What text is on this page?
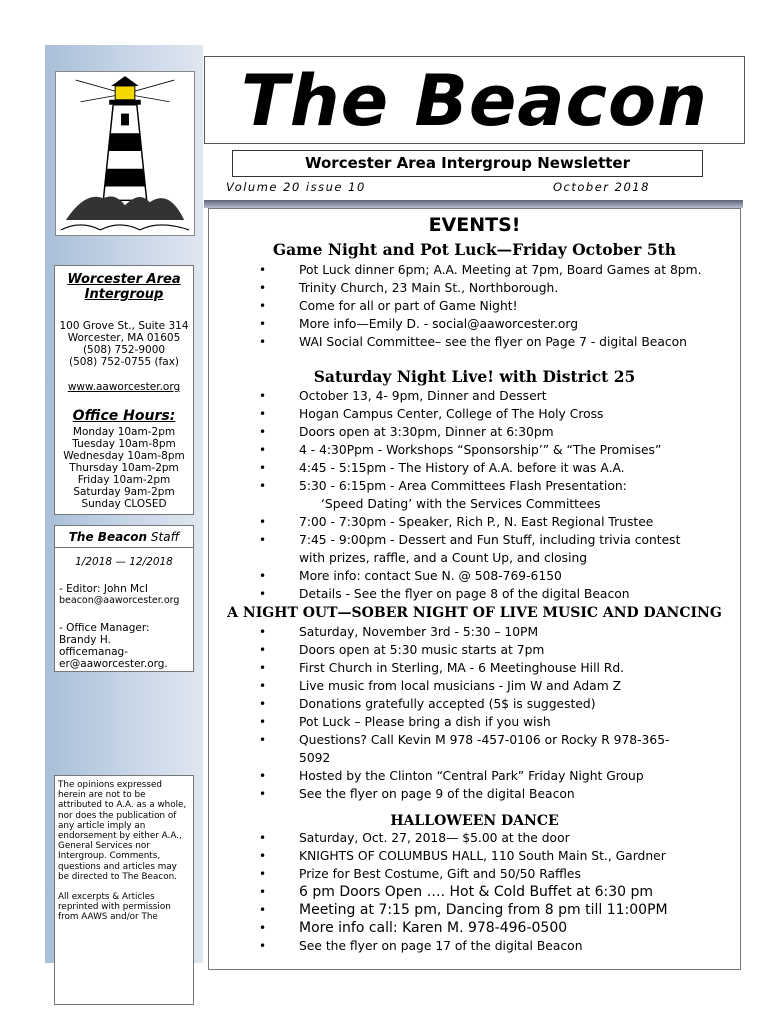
Worcester Area
Intergroup
100 Grove St., Suite 314
Worcester, MA 01605
(508) 752-9000
(508) 752-0755 (fax)
www.aaworcester.org
Office Hours:
Monday 10am-2pm
Tuesday 10am-8pm
Wednesday 10am-8pm
Thursday 10am-2pm
Friday 10am-2pm
Saturday 9am-2pm
Sunday CLOSED
The Beacon Staff
1/2018 — 12/2018
- Editor: John McI
beacon@aaworcester.org
- Office Manager:
Brandy H.
officemanag-
er@aaworcester.org.

The opinions expressed herein are not to be attributed to A.A. as a whole, nor does the publication of any article imply an endorsement by either A.A., General Services nor Intergroup. Comments, questions and articles may be directed to The Beacon.

All excerpts & Articles reprinted with permission from AAWS and/or The

The Beacon
Worcester Area Intergroup Newsletter
Volume 20 issue 10	October 2018
EVENTS!
Game Night and Pot Luck—Friday October 5th
• Pot Luck dinner 6pm; A.A. Meeting at 7pm, Board Games at 8pm.
• Trinity Church, 23 Main St., Northborough.
• Come for all or part of Game Night!
• More info—Emily D. - social@aaworcester.org
• WAI Social Committee– see the flyer on Page 7 - digital Beacon
Saturday Night Live! with District 25
• October 13, 4- 9pm, Dinner and Dessert
• Hogan Campus Center, College of The Holy Cross
• Doors open at 3:30pm, Dinner at 6:30pm
• 4 - 4:30Ppm - Workshops “Sponsorship’” & “The Promises”
• 4:45 - 5:15pm - The History of A.A. before it was A.A.
• 5:30 - 6:15pm - Area Committees Flash Presentation:
‘Speed Dating’ with the Services Committees
• 7:00 - 7:30pm - Speaker, Rich P., N. East Regional Trustee
• 7:45 - 9:00pm - Dessert and Fun Stuff, including trivia contest
with prizes, raffle, and a Count Up, and closing
• More info: contact Sue N. @ 508-769-6150
• Details - See the flyer on page 8 of the digital Beacon
A NIGHT OUT—SOBER NIGHT OF LIVE MUSIC AND DANCING
• Saturday, November 3rd - 5:30 – 10PM
• Doors open at 5:30 music starts at 7pm
• First Church in Sterling, MA - 6 Meetinghouse Hill Rd.
• Live music from local musicians - Jim W and Adam Z
• Donations gratefully accepted (5$ is suggested)
• Pot Luck – Please bring a dish if you wish
• Questions? Call Kevin M 978 -457-0106 or Rocky R 978-365-
5092
• Hosted by the Clinton “Central Park” Friday Night Group
• See the flyer on page 9 of the digital Beacon
HALLOWEEN DANCE
• Saturday, Oct. 27, 2018— $5.00 at the door
• KNIGHTS OF COLUMBUS HALL, 110 South Main St., Gardner
• Prize for Best Costume, Gift and 50/50 Raffles
• 6 pm Doors Open …. Hot & Cold Buffet at 6:30 pm
• Meeting at 7:15 pm, Dancing from 8 pm till 11:00PM
• More info call: Karen M. 978-496-0500
• See the flyer on page 17 of the digital Beacon
